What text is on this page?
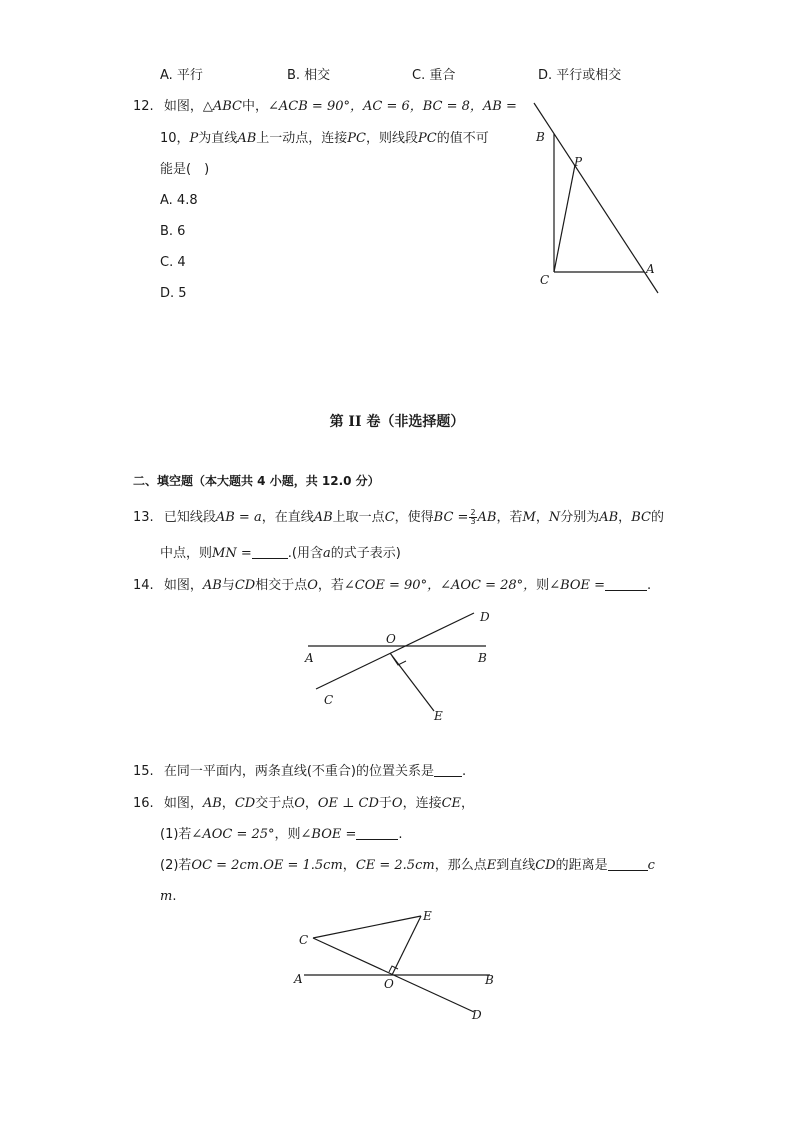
A. 平行	B. 相交	C. 重合	D. 平行或相交
12. 如图，△ABC中，∠ACB = 90°，AC = 6，BC = 8，AB =
10，P为直线AB上一动点，连接PC，则线段PC的值不可
能是(　)
A. 4.8
B. 6
C. 4
D. 5
B
P
C
A
第 II 卷（非选择题）
二、填空题（本大题共 4 小题，共 12.0 分）
13. 已知线段AB = a，在直线AB上取一点C，使得BC = $\frac{2}{3}$ AB，若M，N分别为AB，BC的
中点，则MN =	.(用含a的式子表示)
14. 如图，AB与CD相交于点O，若∠COE = 90°，∠AOC = 28°，则∠BOE =	.
D
O
A	B
C
E
15. 在同一平面内，两条直线(不重合)的位置关系是 .
16. 如图，AB，CD交于点O，OE ⊥ CD于O，连接CE，
(1)若∠AOC = 25°，则∠BOE =	.
(2)若OC = 2cm.OE = 1.5cm，CE = 2.5cm，那么点E到直线CD的距离是	c
m.
C
E
A	O	B
D
